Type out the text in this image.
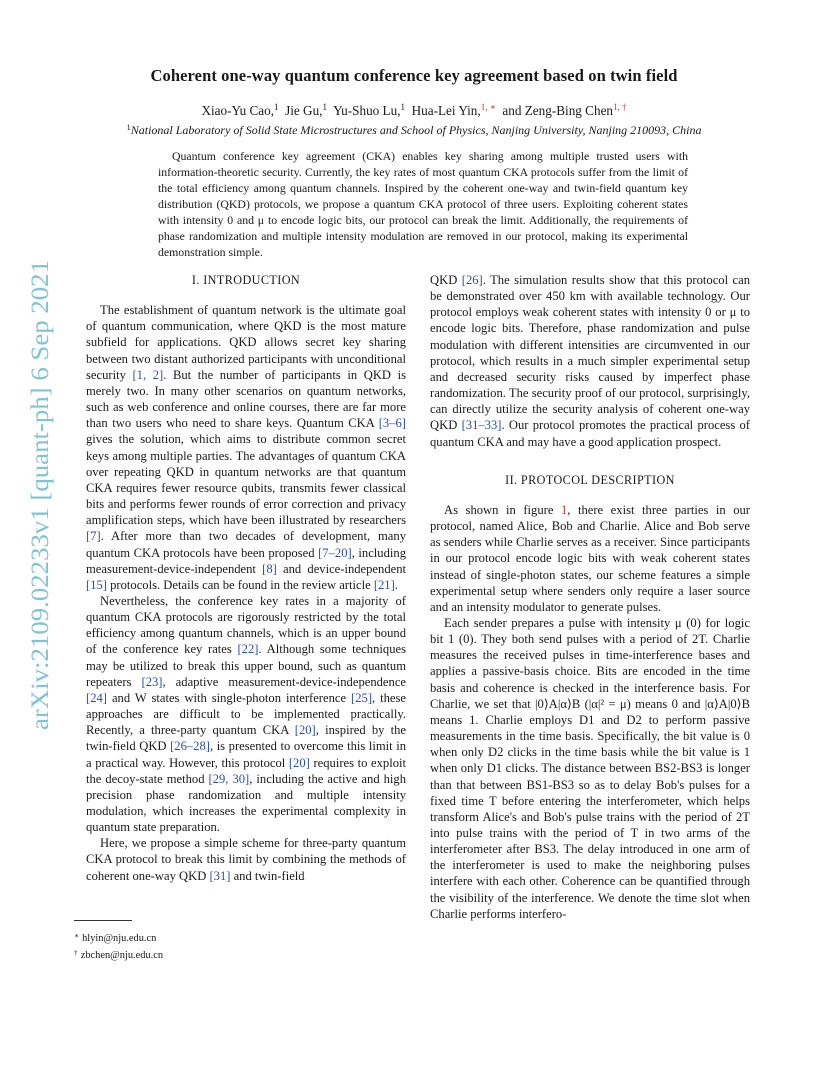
arXiv:2109.02233v1 [quant-ph] 6 Sep 2021
Coherent one-way quantum conference key agreement based on twin field
Xiao-Yu Cao,$^1$ Jie Gu,$^1$ Yu-Shuo Lu,$^1$ Hua-Lei Yin,$^{1, ∗}$ and Zeng-Bing Chen$^{1, \dagger}$
$^1$National Laboratory of Solid State Microstructures and School of Physics, Nanjing University, Nanjing 210093, China
Quantum conference key agreement (CKA) enables key sharing among multiple trusted users with information-theoretic security. Currently, the key rates of most quantum CKA protocols suffer from the limit of the total efficiency among quantum channels. Inspired by the coherent one-way and twin-field quantum key distribution (QKD) protocols, we propose a quantum CKA protocol of three users. Exploiting coherent states with intensity 0 and μ to encode logic bits, our protocol can break the limit. Additionally, the requirements of phase randomization and multiple intensity modulation are removed in our protocol, making its experimental demonstration simple.
I. INTRODUCTION

The establishment of quantum network is the ultimate goal of quantum communication, where QKD is the most mature subfield for applications. QKD allows secret key sharing between two distant authorized participants with unconditional security [1, 2]. But the number of participants in QKD is merely two. In many other scenarios on quantum networks, such as web conference and online courses, there are far more than two users who need to share keys. Quantum CKA [3–6] gives the solution, which aims to distribute common secret keys among multiple parties. The advantages of quantum CKA over repeating QKD in quantum networks are that quantum CKA requires fewer resource qubits, transmits fewer classical bits and performs fewer rounds of error correction and privacy amplification steps, which have been illustrated by researchers [7]. After more than two decades of development, many quantum CKA protocols have been proposed [7–20], including measurement-device-independent [8] and device-independent [15] protocols. Details can be found in the review article [21].

Nevertheless, the conference key rates in a majority of quantum CKA protocols are rigorously restricted by the total efficiency among quantum channels, which is an upper bound of the conference key rates [22]. Although some techniques may be utilized to break this upper bound, such as quantum repeaters [23], adaptive measurement-device-independence [24] and W states with single-photon interference [25], these approaches are difficult to be implemented practically. Recently, a three-party quantum CKA [20], inspired by the twin-field QKD [26–28], is presented to overcome this limit in a practical way. However, this protocol [20] requires to exploit the decoy-state method [29, 30], including the active and high precision phase randomization and multiple intensity modulation, which increases the experimental complexity in quantum state preparation.

Here, we propose a simple scheme for three-party quantum CKA protocol to break this limit by combining the methods of coherent one-way QKD [31] and twin-field

QKD [26]. The simulation results show that this protocol can be demonstrated over 450 km with available technology. Our protocol employs weak coherent states with intensity 0 or μ to encode logic bits. Therefore, phase randomization and pulse modulation with different intensities are circumvented in our protocol, which results in a much simpler experimental setup and decreased security risks caused by imperfect phase randomization. The security proof of our protocol, surprisingly, can directly utilize the security analysis of coherent one-way QKD [31–33]. Our protocol promotes the practical process of quantum CKA and may have a good application prospect.

II. PROTOCOL DESCRIPTION

As shown in figure 1, there exist three parties in our protocol, named Alice, Bob and Charlie. Alice and Bob serve as senders while Charlie serves as a receiver. Since participants in our protocol encode logic bits with weak coherent states instead of single-photon states, our scheme features a simple experimental setup where senders only require a laser source and an intensity modulator to generate pulses.

Each sender prepares a pulse with intensity μ (0) for logic bit 1 (0). They both send pulses with a period of 2T. Charlie measures the received pulses in time-interference bases and applies a passive-basis choice. Bits are encoded in the time basis and coherence is checked in the interference basis. For Charlie, we set that |0⟩A|α⟩B (|α|² = μ) means 0 and |α⟩A|0⟩B means 1. Charlie employs D1 and D2 to perform passive measurements in the time basis. Specifically, the bit value is 0 when only D2 clicks in the time basis while the bit value is 1 when only D1 clicks. The distance between BS2-BS3 is longer than that between BS1-BS3 so as to delay Bob's pulses for a fixed time T before entering the interferometer, which helps transform Alice's and Bob's pulse trains with the period of 2T into pulse trains with the period of T in two arms of the interferometer after BS3. The delay introduced in one arm of the interferometer is used to make the neighboring pulses interfere with each other. Coherence can be quantified through the visibility of the interference. We denote the time slot when Charlie performs interfero-

∗ hlyin@nju.edu.cn
† zbchen@nju.edu.cn
